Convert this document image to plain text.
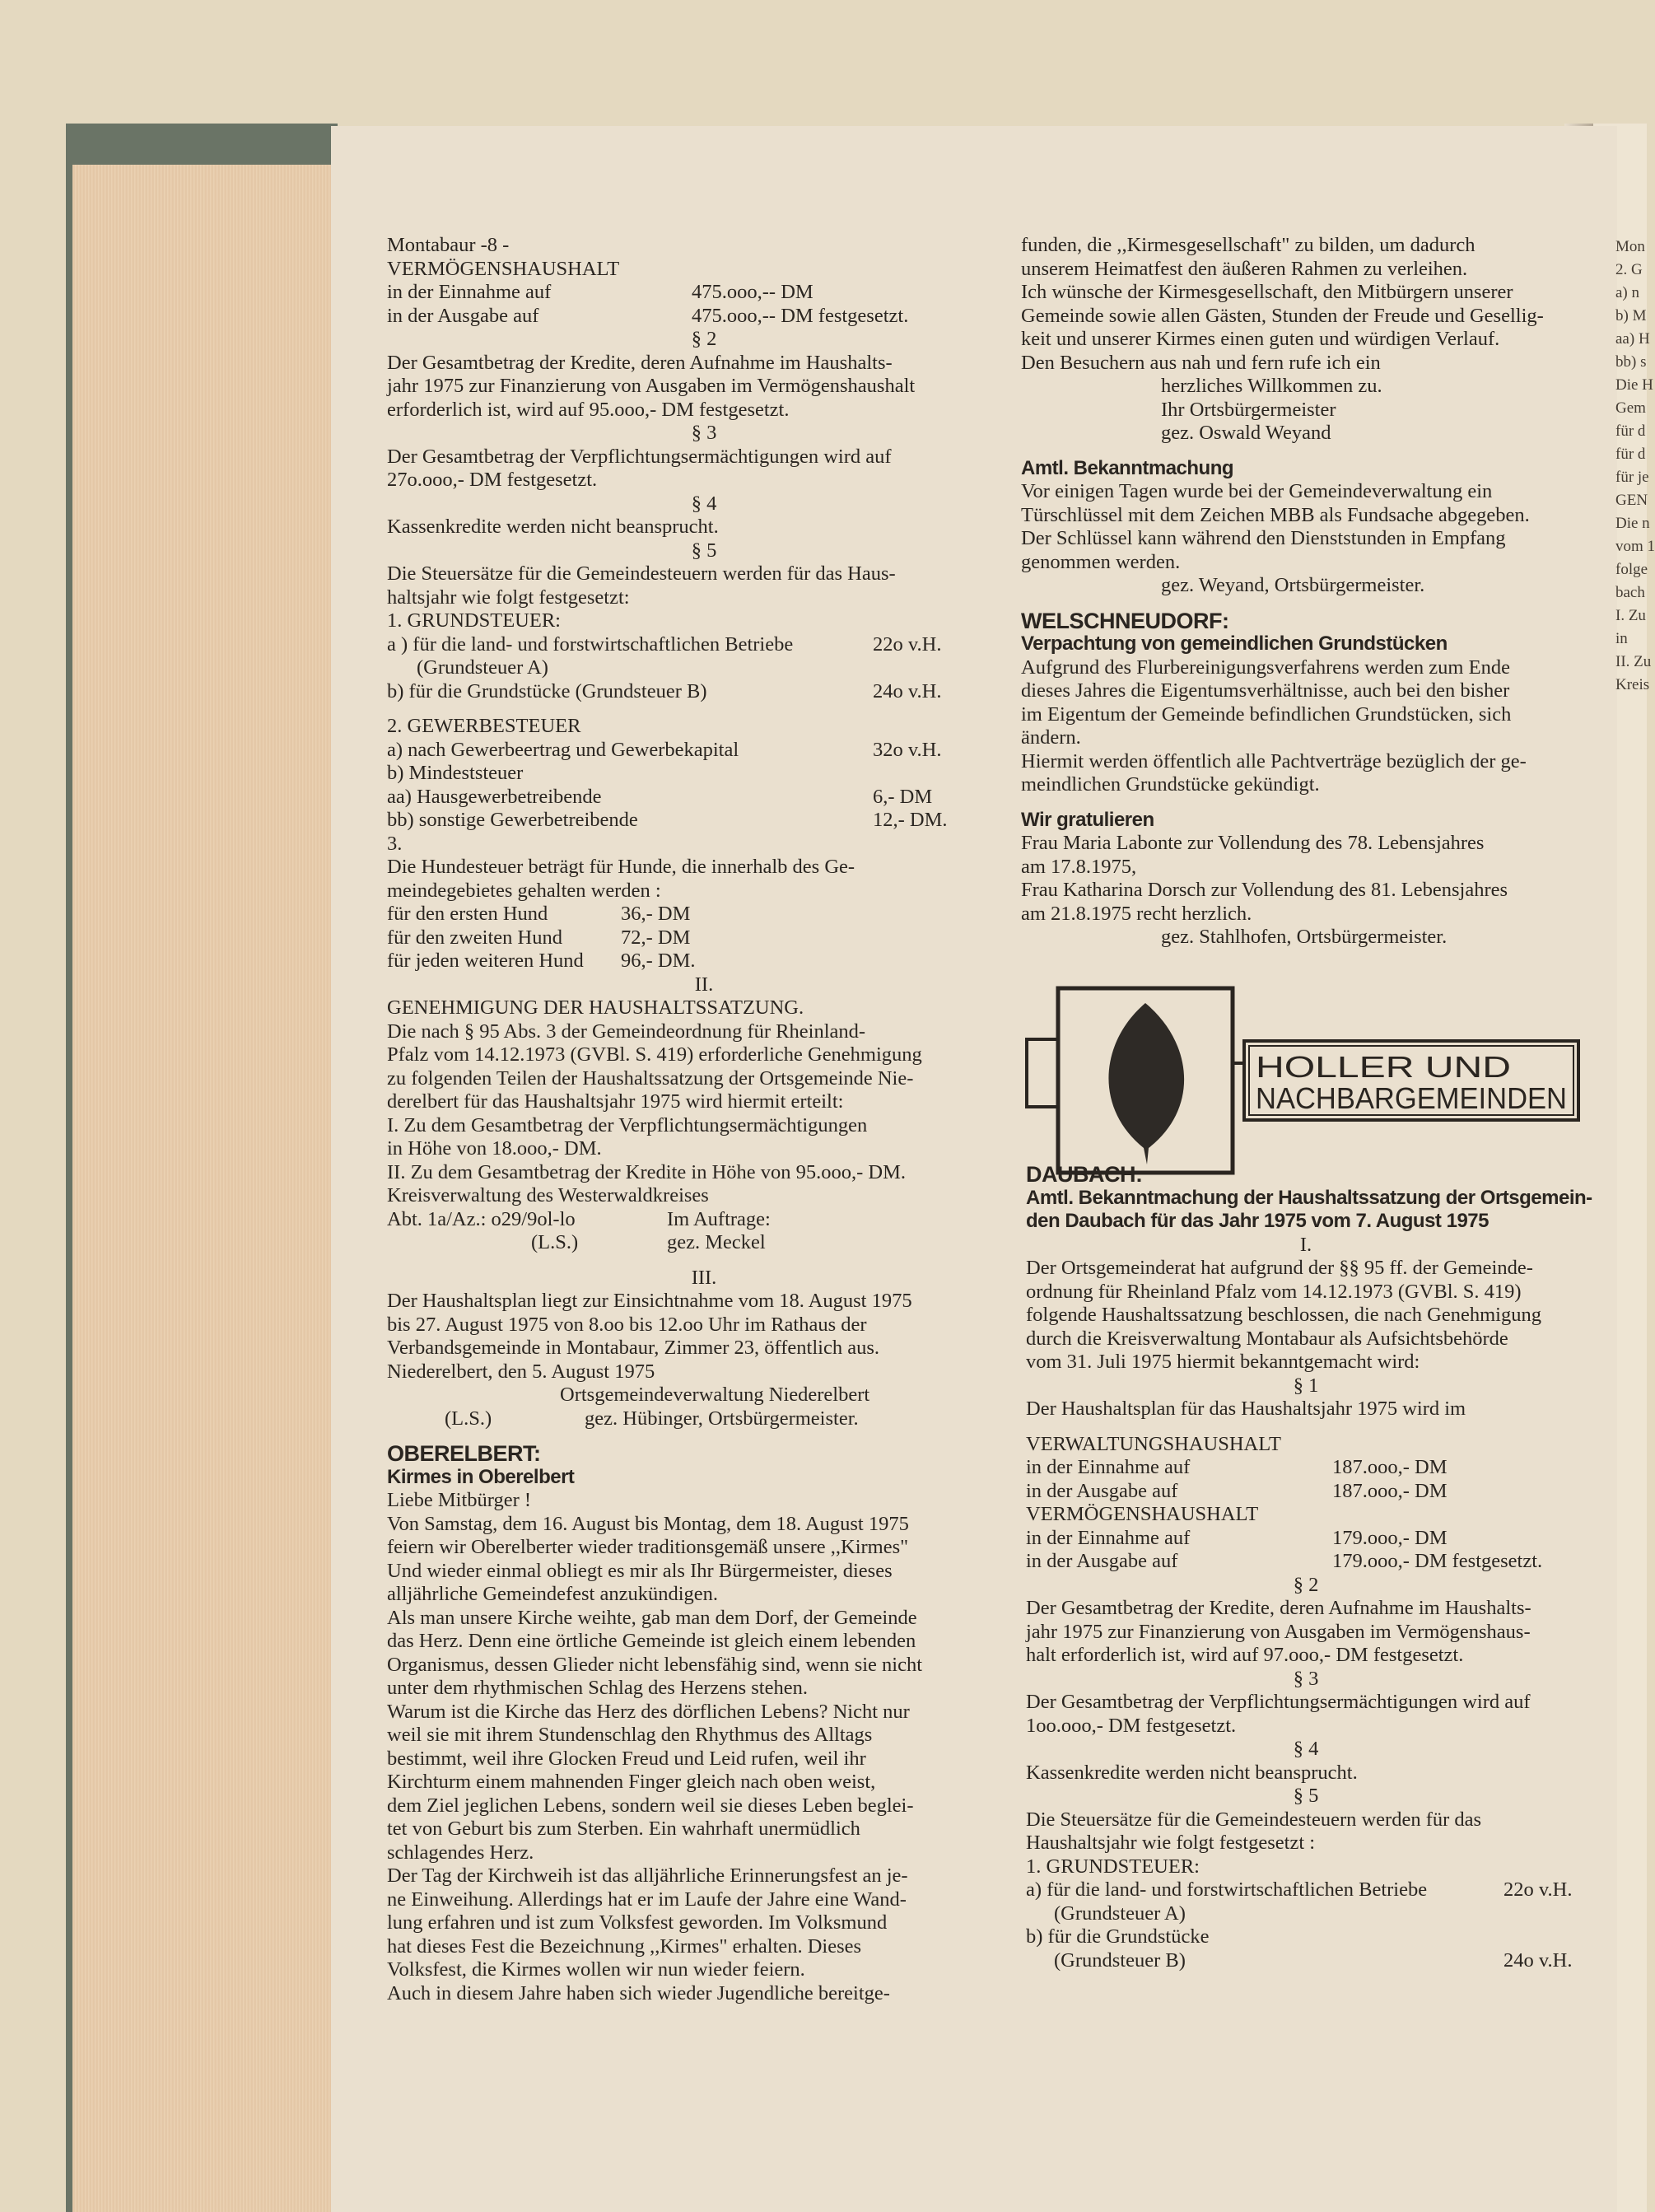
Montabaur -8 -
VERMÖGENSHAUSHALT
in der Einnahme auf	475.ooo,-- DM
in der Ausgabe auf	475.ooo,-- DM festgesetzt.
§ 2
Der Gesamtbetrag der Kredite, deren Aufnahme im Haushalts-
jahr 1975 zur Finanzierung von Ausgaben im Vermögenshaushalt
erforderlich ist, wird auf 95.ooo,- DM festgesetzt.
§ 3
Der Gesamtbetrag der Verpflichtungsermächtigungen wird auf
27o.ooo,- DM festgesetzt.
§ 4
Kassenkredite werden nicht beansprucht.
§ 5
Die Steuersätze für die Gemeindesteuern werden für das Haus-
haltsjahr wie folgt festgesetzt:
1. GRUNDSTEUER:
a ) für die land- und forstwirtschaftlichen Betriebe	22o v.H.
(Grundsteuer A)
b) für die Grundstücke (Grundsteuer B)	24o v.H.
2. GEWERBESTEUER
a) nach Gewerbeertrag und Gewerbekapital	32o v.H.
b) Mindeststeuer
aa) Hausgewerbetreibende	6,- DM
bb) sonstige Gewerbetreibende	12,- DM.
3.
Die Hundesteuer beträgt für Hunde, die innerhalb des Ge-
meindegebietes gehalten werden :
für den ersten Hund	36,- DM
für den zweiten Hund	72,- DM
für jeden weiteren Hund 96,- DM.
II.
GENEHMIGUNG DER HAUSHALTSSATZUNG.
Die nach § 95 Abs. 3 der Gemeindeordnung für Rheinland-
Pfalz vom 14.12.1973 (GVBl. S. 419) erforderliche Genehmigung
zu folgenden Teilen der Haushaltssatzung der Ortsgemeinde Nie-
derelbert für das Haushaltsjahr 1975 wird hiermit erteilt:
I. Zu dem Gesamtbetrag der Verpflichtungsermächtigungen
in Höhe von 18.ooo,- DM.
II. Zu dem Gesamtbetrag der Kredite in Höhe von 95.ooo,- DM.
Kreisverwaltung des Westerwaldkreises
Abt. 1a/Az.: o29/9ol-lo	Im Auftrage:
(L.S.)	gez. Meckel
III.
Der Haushaltsplan liegt zur Einsichtnahme vom 18. August 1975
bis 27. August 1975 von 8.oo bis 12.oo Uhr im Rathaus der
Verbandsgemeinde in Montabaur, Zimmer 23, öffentlich aus.
Niederelbert, den 5. August 1975
Ortsgemeindeverwaltung Niederelbert
(L.S.)	gez. Hübinger, Ortsbürgermeister.
OBERELBERT:
Kirmes in Oberelbert
Liebe Mitbürger !
Von Samstag, dem 16. August bis Montag, dem 18. August 1975
feiern wir Oberelberter wieder traditionsgemäß unsere ,,Kirmes"
Und wieder einmal obliegt es mir als Ihr Bürgermeister, dieses
alljährliche Gemeindefest anzukündigen.
Als man unsere Kirche weihte, gab man dem Dorf, der Gemeinde
das Herz. Denn eine örtliche Gemeinde ist gleich einem lebenden
Organismus, dessen Glieder nicht lebensfähig sind, wenn sie nicht
unter dem rhythmischen Schlag des Herzens stehen.
Warum ist die Kirche das Herz des dörflichen Lebens? Nicht nur
weil sie mit ihrem Stundenschlag den Rhythmus des Alltags
bestimmt, weil ihre Glocken Freud und Leid rufen, weil ihr
Kirchturm einem mahnenden Finger gleich nach oben weist,
dem Ziel jeglichen Lebens, sondern weil sie dieses Leben beglei-
tet von Geburt bis zum Sterben. Ein wahrhaft unermüdlich
schlagendes Herz.
Der Tag der Kirchweih ist das alljährliche Erinnerungsfest an je-
ne Einweihung. Allerdings hat er im Laufe der Jahre eine Wand-
lung erfahren und ist zum Volksfest geworden. Im Volksmund
hat dieses Fest die Bezeichnung ,,Kirmes" erhalten. Dieses
Volksfest, die Kirmes wollen wir nun wieder feiern.
Auch in diesem Jahre haben sich wieder Jugendliche bereitge-
funden, die ,,Kirmesgesellschaft" zu bilden, um dadurch
unserem Heimatfest den äußeren Rahmen zu verleihen.
Ich wünsche der Kirmesgesellschaft, den Mitbürgern unserer
Gemeinde sowie allen Gästen, Stunden der Freude und Gesellig-
keit und unserer Kirmes einen guten und würdigen Verlauf.
Den Besuchern aus nah und fern rufe ich ein
herzliches Willkommen zu.
Ihr Ortsbürgermeister
gez. Oswald Weyand
Amtl. Bekanntmachung
Vor einigen Tagen wurde bei der Gemeindeverwaltung ein
Türschlüssel mit dem Zeichen MBB als Fundsache abgegeben.
Der Schlüssel kann während den Dienststunden in Empfang
genommen werden.
gez. Weyand, Ortsbürgermeister.
WELSCHNEUDORF:
Verpachtung von gemeindlichen Grundstücken
Aufgrund des Flurbereinigungsverfahrens werden zum Ende
dieses Jahres die Eigentumsverhältnisse, auch bei den bisher
im Eigentum der Gemeinde befindlichen Grundstücken, sich
ändern.
Hiermit werden öffentlich alle Pachtverträge bezüglich der ge-
meindlichen Grundstücke gekündigt.
Wir gratulieren
Frau Maria Labonte zur Vollendung des 78. Lebensjahres
am 17.8.1975,
Frau Katharina Dorsch zur Vollendung des 81. Lebensjahres
am 21.8.1975 recht herzlich.
gez. Stahlhofen, Ortsbürgermeister.
HOLLER UND
NACHBARGEMEINDEN
DAUBACH:
Amtl. Bekanntmachung der Haushaltssatzung der Ortsgemein-
den Daubach für das Jahr 1975 vom 7. August 1975
I.
Der Ortsgemeinderat hat aufgrund der §§ 95 ff. der Gemeinde-
ordnung für Rheinland Pfalz vom 14.12.1973 (GVBl. S. 419)
folgende Haushaltssatzung beschlossen, die nach Genehmigung
durch die Kreisverwaltung Montabaur als Aufsichtsbehörde
vom 31. Juli 1975 hiermit bekanntgemacht wird:
§ 1
Der Haushaltsplan für das Haushaltsjahr 1975 wird im
VERWALTUNGSHAUSHALT
in der Einnahme auf	187.ooo,- DM
in der Ausgabe auf	187.ooo,- DM
VERMÖGENSHAUSHALT
in der Einnahme auf	179.ooo,- DM
in der Ausgabe auf	179.ooo,- DM festgesetzt.
§ 2
Der Gesamtbetrag der Kredite, deren Aufnahme im Haushalts-
jahr 1975 zur Finanzierung von Ausgaben im Vermögenshaus-
halt erforderlich ist, wird auf 97.ooo,- DM festgesetzt.
§ 3
Der Gesamtbetrag der Verpflichtungsermächtigungen wird auf
1oo.ooo,- DM festgesetzt.
§ 4
Kassenkredite werden nicht beansprucht.
§ 5
Die Steuersätze für die Gemeindesteuern werden für das
Haushaltsjahr wie folgt festgesetzt :
1. GRUNDSTEUER:
a) für die land- und forstwirtschaftlichen Betriebe	22o v.H.
(Grundsteuer A)
b) für die Grundstücke
(Grundsteuer B)	24o v.H.
Mon
2. G
a) n
b) M
aa) H
bb) s
Die H
Gem
für d
für d
für je
GEN
Die n
vom 1
folge
bach
I. Zu
in
II. Zu
Kreis
